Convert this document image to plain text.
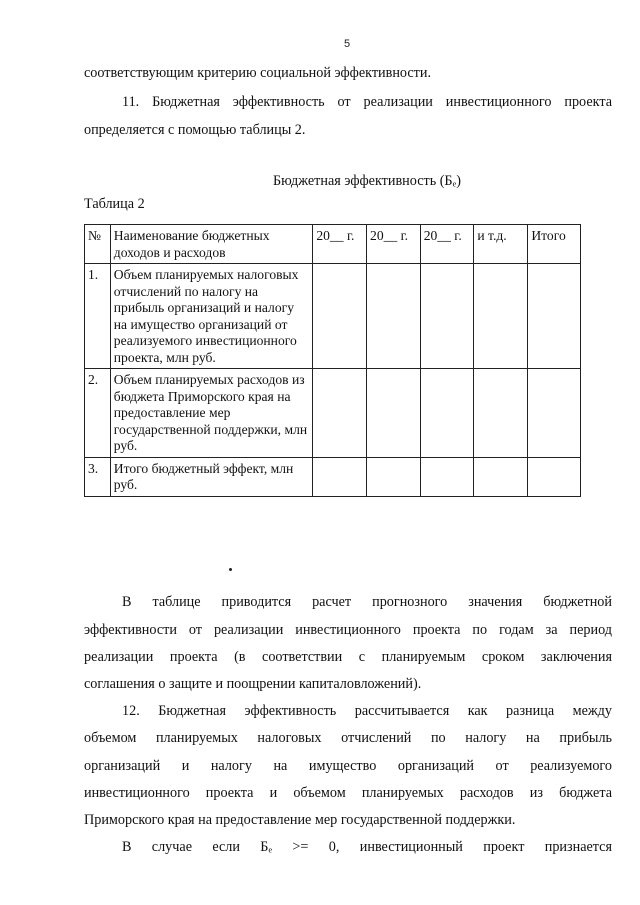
5
соответствующим критерию социальной эффективности.
11. Бюджетная эффективность от реализации инвестиционного проекта
определяется с помощью таблицы 2.
Бюджетная эффективность (Бₑ)
Таблица 2
№	Наименование бюджетных доходов и расходов	20__ г.	20__ г.	20__ г.	и т.д.	Итого
1.	Объем планируемых налоговых отчислений по налогу на прибыль организаций и налогу на имущество организаций от реализуемого инвестиционного проекта, млн руб.					
2.	Объем планируемых расходов из бюджета Приморского края на предоставление мер государственной поддержки, млн руб.					
3.	Итого бюджетный эффект, млн руб.					
В таблице приводится расчет прогнозного значения бюджетной
эффективности от реализации инвестиционного проекта по годам за период
реализации проекта (в соответствии с планируемым сроком заключения
соглашения о защите и поощрении капиталовложений).
12. Бюджетная эффективность рассчитывается как разница между
объемом планируемых налоговых отчислений по налогу на прибыль
организаций и налогу на имущество организаций от реализуемого
инвестиционного проекта и объемом планируемых расходов из бюджета
Приморского края на предоставление мер государственной поддержки.
В случае если Бₑ >= 0, инвестиционный проект признается
